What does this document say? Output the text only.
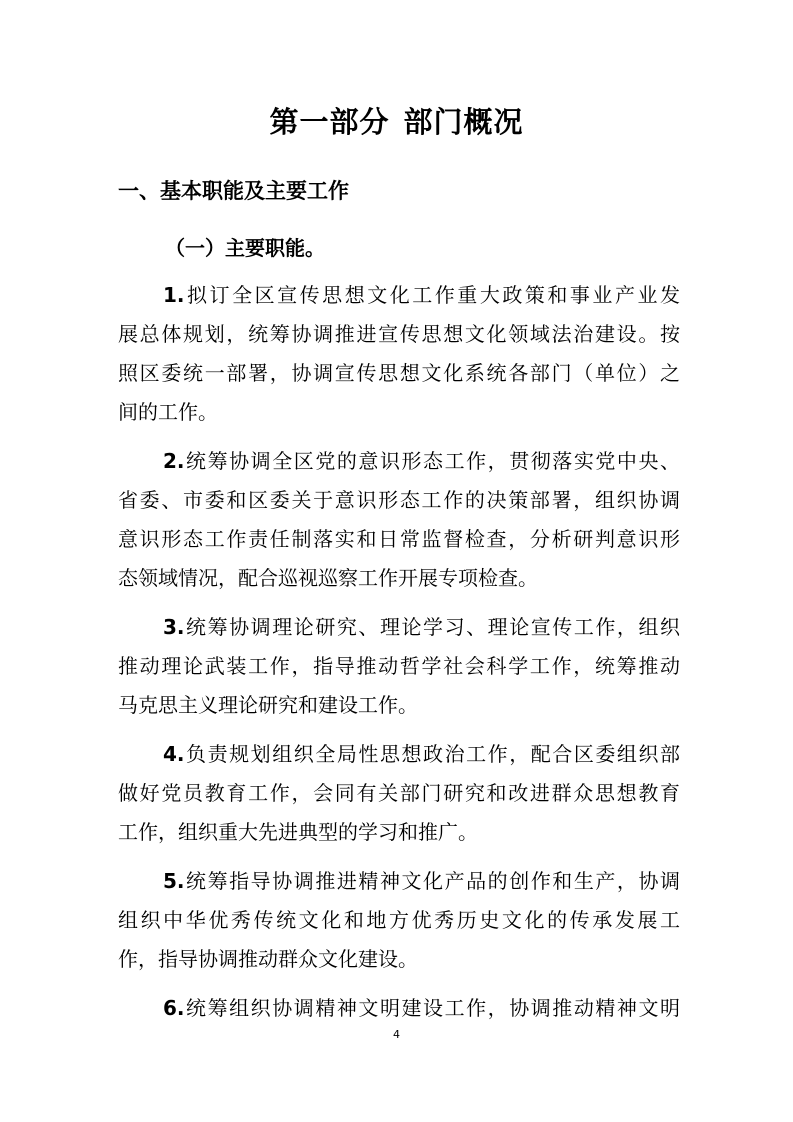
第一部分 部门概况
一、基本职能及主要工作
（一）主要职能。
1.拟订全区宣传思想文化工作重大政策和事业产业发
展总体规划，统筹协调推进宣传思想文化领域法治建设。按
照区委统一部署，协调宣传思想文化系统各部门（单位）之
间的工作。
2.统筹协调全区党的意识形态工作，贯彻落实党中央、
省委、市委和区委关于意识形态工作的决策部署，组织协调
意识形态工作责任制落实和日常监督检查，分析研判意识形
态领域情况，配合巡视巡察工作开展专项检查。
3.统筹协调理论研究、理论学习、理论宣传工作，组织
推动理论武装工作，指导推动哲学社会科学工作，统筹推动
马克思主义理论研究和建设工作。
4.负责规划组织全局性思想政治工作，配合区委组织部
做好党员教育工作，会同有关部门研究和改进群众思想教育
工作，组织重大先进典型的学习和推广。
5.统筹指导协调推进精神文化产品的创作和生产，协调
组织中华优秀传统文化和地方优秀历史文化的传承发展工
作，指导协调推动群众文化建设。
6.统筹组织协调精神文明建设工作，协调推动精神文明
4
